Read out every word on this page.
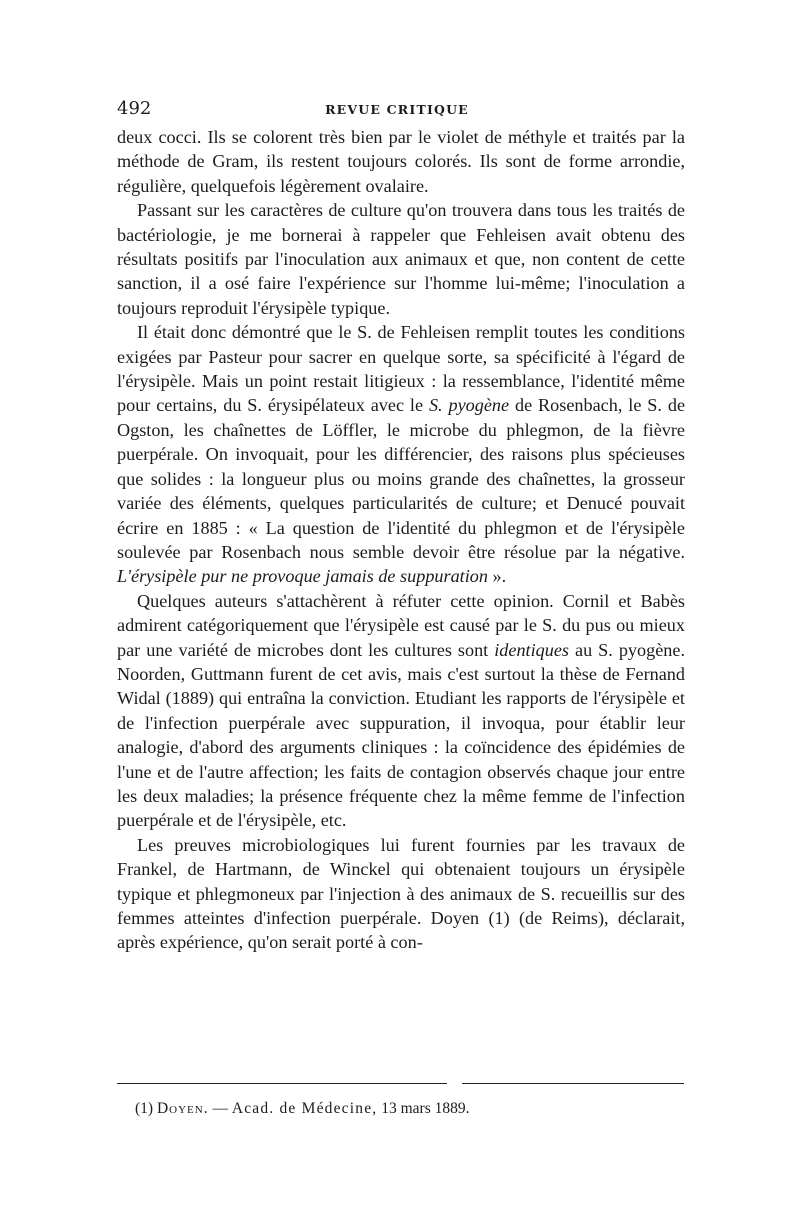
492	REVUE CRITIQUE

deux cocci. Ils se colorent très bien par le violet de méthyle et traités par la méthode de Gram, ils restent toujours colorés. Ils sont de forme arrondie, régulière, quelquefois légèrement ovalaire.

Passant sur les caractères de culture qu'on trouvera dans tous les traités de bactériologie, je me bornerai à rappeler que Fehleisen avait obtenu des résultats positifs par l'inoculation aux animaux et que, non content de cette sanction, il a osé faire l'expérience sur l'homme lui-même; l'inoculation a toujours reproduit l'érysipèle typique.

Il était donc démontré que le S. de Fehleisen remplit toutes les conditions exigées par Pasteur pour sacrer en quelque sorte, sa spécificité à l'égard de l'érysipèle. Mais un point restait litigieux : la ressemblance, l'identité même pour certains, du S. érysipélateux avec le S. pyogène de Rosenbach, le S. de Ogston, les chaînettes de Löffler, le microbe du phlegmon, de la fièvre puerpérale. On invoquait, pour les différencier, des raisons plus spécieuses que solides : la longueur plus ou moins grande des chaînettes, la grosseur variée des éléments, quelques particularités de culture; et Denucé pouvait écrire en 1885 : « La question de l'identité du phlegmon et de l'érysipèle soulevée par Rosenbach nous semble devoir être résolue par la négative. L'érysipèle pur ne provoque jamais de suppuration ».

Quelques auteurs s'attachèrent à réfuter cette opinion. Cornil et Babès admirent catégoriquement que l'érysipèle est causé par le S. du pus ou mieux par une variété de microbes dont les cultures sont identiques au S. pyogène. Noorden, Guttmann furent de cet avis, mais c'est surtout la thèse de Fernand Widal (1889) qui entraîna la conviction. Etudiant les rapports de l'érysipèle et de l'infection puerpérale avec suppuration, il invoqua, pour établir leur analogie, d'abord des arguments cliniques : la coïncidence des épidémies de l'une et de l'autre affection; les faits de contagion observés chaque jour entre les deux maladies; la présence fréquente chez la même femme de l'infection puerpérale et de l'érysipèle, etc.

Les preuves microbiologiques lui furent fournies par les travaux de Frankel, de Hartmann, de Winckel qui obtenaient toujours un érysipèle typique et phlegmoneux par l'injection à des animaux de S. recueillis sur des femmes atteintes d'infection puerpérale. Doyen (1) (de Reims), déclarait, après expérience, qu'on serait porté à con-

(1) Doyen. — Acad. de Médecine, 13 mars 1889.
